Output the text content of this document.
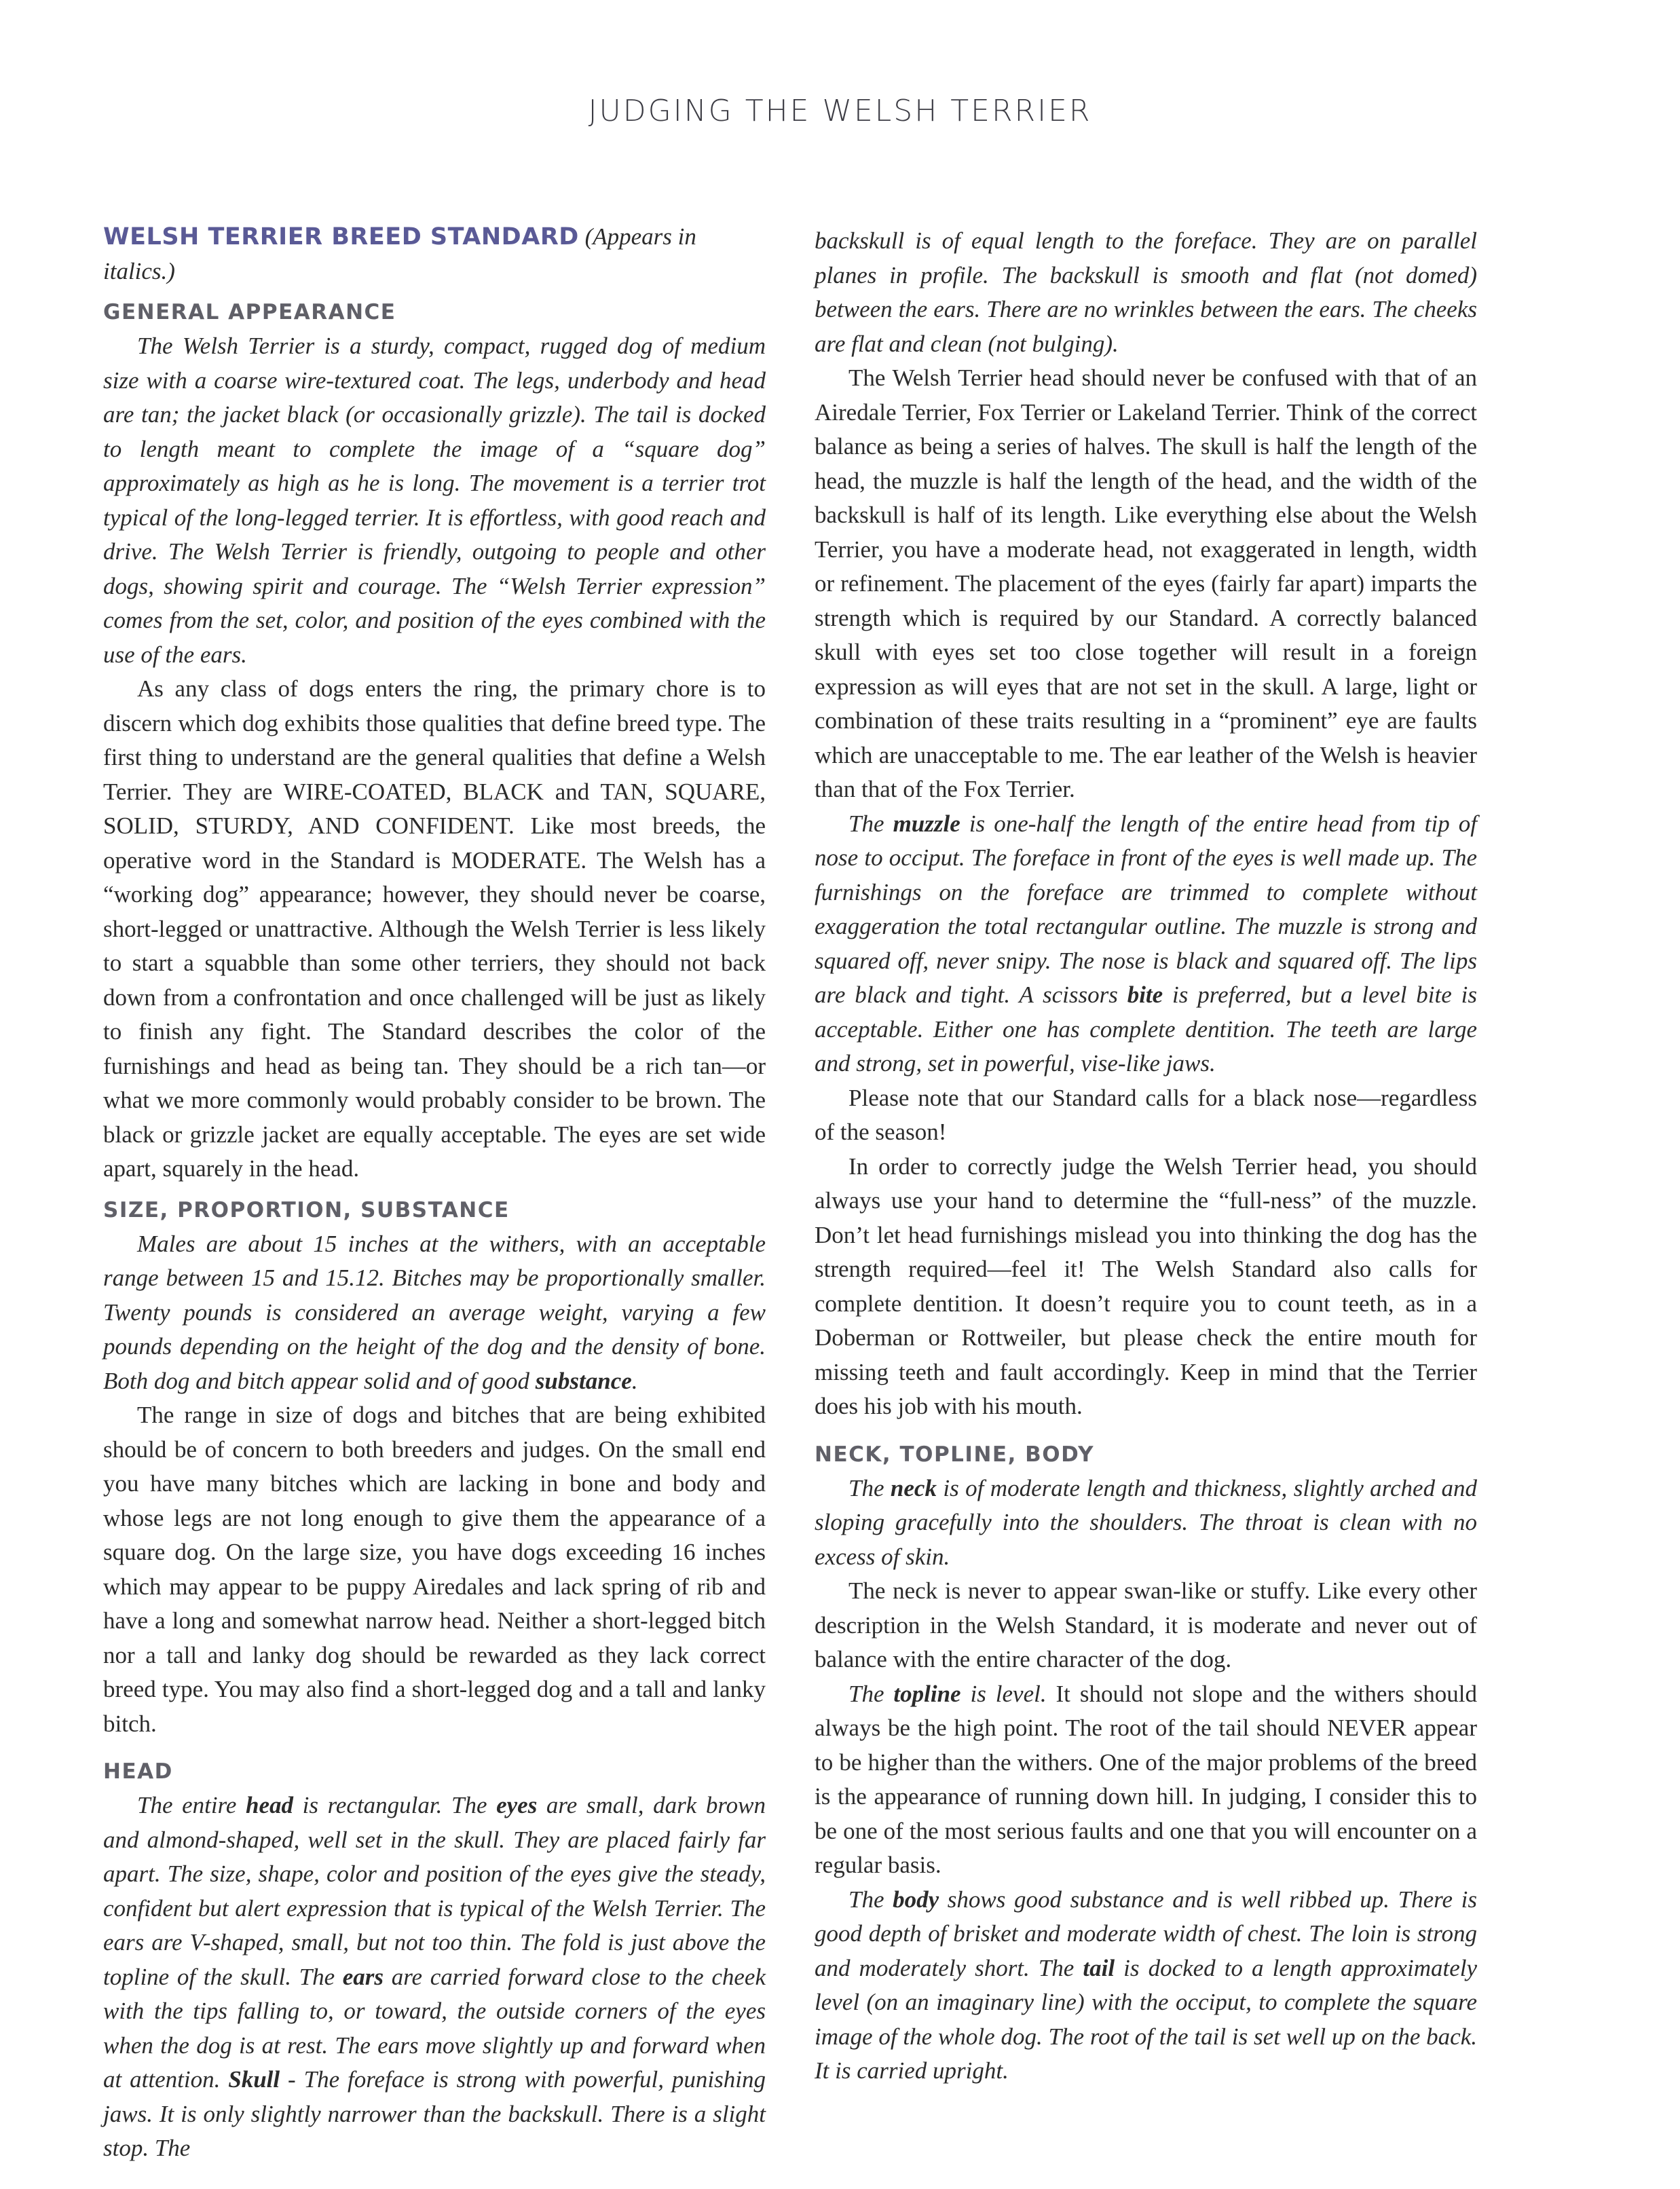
JUDGING THE WELSH TERRIER

WELSH TERRIER BREED STANDARD (Appears in italics.)

GENERAL APPEARANCE

The Welsh Terrier is a sturdy, compact, rugged dog of medium size with a coarse wire-textured coat. The legs, underbody and head are tan; the jacket black (or occasionally grizzle). The tail is docked to length meant to complete the image of a “square dog” approximately as high as he is long. The movement is a terrier trot typical of the long-legged terrier. It is effortless, with good reach and drive. The Welsh Terrier is friendly, outgoing to people and other dogs, showing spirit and courage. The “Welsh Terrier expression” comes from the set, color, and position of the eyes combined with the use of the ears.

As any class of dogs enters the ring, the primary chore is to discern which dog exhibits those qualities that define breed type. The first thing to understand are the general qualities that define a Welsh Terrier. They are WIRE-COATED, BLACK and TAN, SQUARE, SOLID, STURDY, AND CONFIDENT. Like most breeds, the operative word in the Standard is MODERATE. The Welsh has a “working dog” appearance; however, they should never be coarse, short-legged or unattractive. Although the Welsh Terrier is less likely to start a squabble than some other terriers, they should not back down from a confrontation and once challenged will be just as likely to finish any fight. The Standard describes the color of the furnishings and head as being tan. They should be a rich tan—or what we more commonly would probably consider to be brown. The black or grizzle jacket are equally acceptable. The eyes are set wide apart, squarely in the head.

SIZE, PROPORTION, SUBSTANCE

Males are about 15 inches at the withers, with an acceptable range between 15 and 15.12. Bitches may be proportionally smaller. Twenty pounds is considered an average weight, varying a few pounds depending on the height of the dog and the density of bone. Both dog and bitch appear solid and of good substance.

The range in size of dogs and bitches that are being exhibited should be of concern to both breeders and judges. On the small end you have many bitches which are lacking in bone and body and whose legs are not long enough to give them the appearance of a square dog. On the large size, you have dogs exceeding 16 inches which may appear to be puppy Airedales and lack spring of rib and have a long and somewhat narrow head. Neither a short-legged bitch nor a tall and lanky dog should be rewarded as they lack correct breed type. You may also find a short-legged dog and a tall and lanky bitch.

HEAD

The entire head is rectangular. The eyes are small, dark brown and almond-shaped, well set in the skull. They are placed fairly far apart. The size, shape, color and position of the eyes give the steady, confident but alert expression that is typical of the Welsh Terrier. The ears are V-shaped, small, but not too thin. The fold is just above the topline of the skull. The ears are carried forward close to the cheek with the tips falling to, or toward, the outside corners of the eyes when the dog is at rest. The ears move slightly up and forward when at attention. Skull - The foreface is strong with powerful, punishing jaws. It is only slightly narrower than the backskull. There is a slight stop. The

backskull is of equal length to the foreface. They are on parallel planes in profile. The backskull is smooth and flat (not domed) between the ears. There are no wrinkles between the ears. The cheeks are flat and clean (not bulging).

The Welsh Terrier head should never be confused with that of an Airedale Terrier, Fox Terrier or Lakeland Terrier. Think of the correct balance as being a series of halves. The skull is half the length of the head, the muzzle is half the length of the head, and the width of the backskull is half of its length. Like everything else about the Welsh Terrier, you have a moderate head, not exaggerated in length, width or refinement. The placement of the eyes (fairly far apart) imparts the strength which is required by our Standard. A correctly balanced skull with eyes set too close together will result in a foreign expression as will eyes that are not set in the skull. A large, light or combination of these traits resulting in a “prominent” eye are faults which are unacceptable to me. The ear leather of the Welsh is heavier than that of the Fox Terrier.

The muzzle is one-half the length of the entire head from tip of nose to occiput. The foreface in front of the eyes is well made up. The furnishings on the foreface are trimmed to complete without exaggeration the total rectangular outline. The muzzle is strong and squared off, never snipy. The nose is black and squared off. The lips are black and tight. A scissors bite is preferred, but a level bite is acceptable. Either one has complete dentition. The teeth are large and strong, set in powerful, vise-like jaws.

Please note that our Standard calls for a black nose—regardless of the season!

In order to correctly judge the Welsh Terrier head, you should always use your hand to determine the “full-ness” of the muzzle. Don’t let head furnishings mislead you into thinking the dog has the strength required—feel it! The Welsh Standard also calls for complete dentition. It doesn’t require you to count teeth, as in a Doberman or Rottweiler, but please check the entire mouth for missing teeth and fault accordingly. Keep in mind that the Terrier does his job with his mouth.

NECK, TOPLINE, BODY

The neck is of moderate length and thickness, slightly arched and sloping gracefully into the shoulders. The throat is clean with no excess of skin.

The neck is never to appear swan-like or stuffy. Like every other description in the Welsh Standard, it is moderate and never out of balance with the entire character of the dog.

The topline is level. It should not slope and the withers should always be the high point. The root of the tail should NEVER appear to be higher than the withers. One of the major problems of the breed is the appearance of running down hill. In judging, I consider this to be one of the most serious faults and one that you will encounter on a regular basis.

The body shows good substance and is well ribbed up. There is good depth of brisket and moderate width of chest. The loin is strong and moderately short. The tail is docked to a length approximately level (on an imaginary line) with the occiput, to complete the square image of the whole dog. The root of the tail is set well up on the back. It is carried upright.
